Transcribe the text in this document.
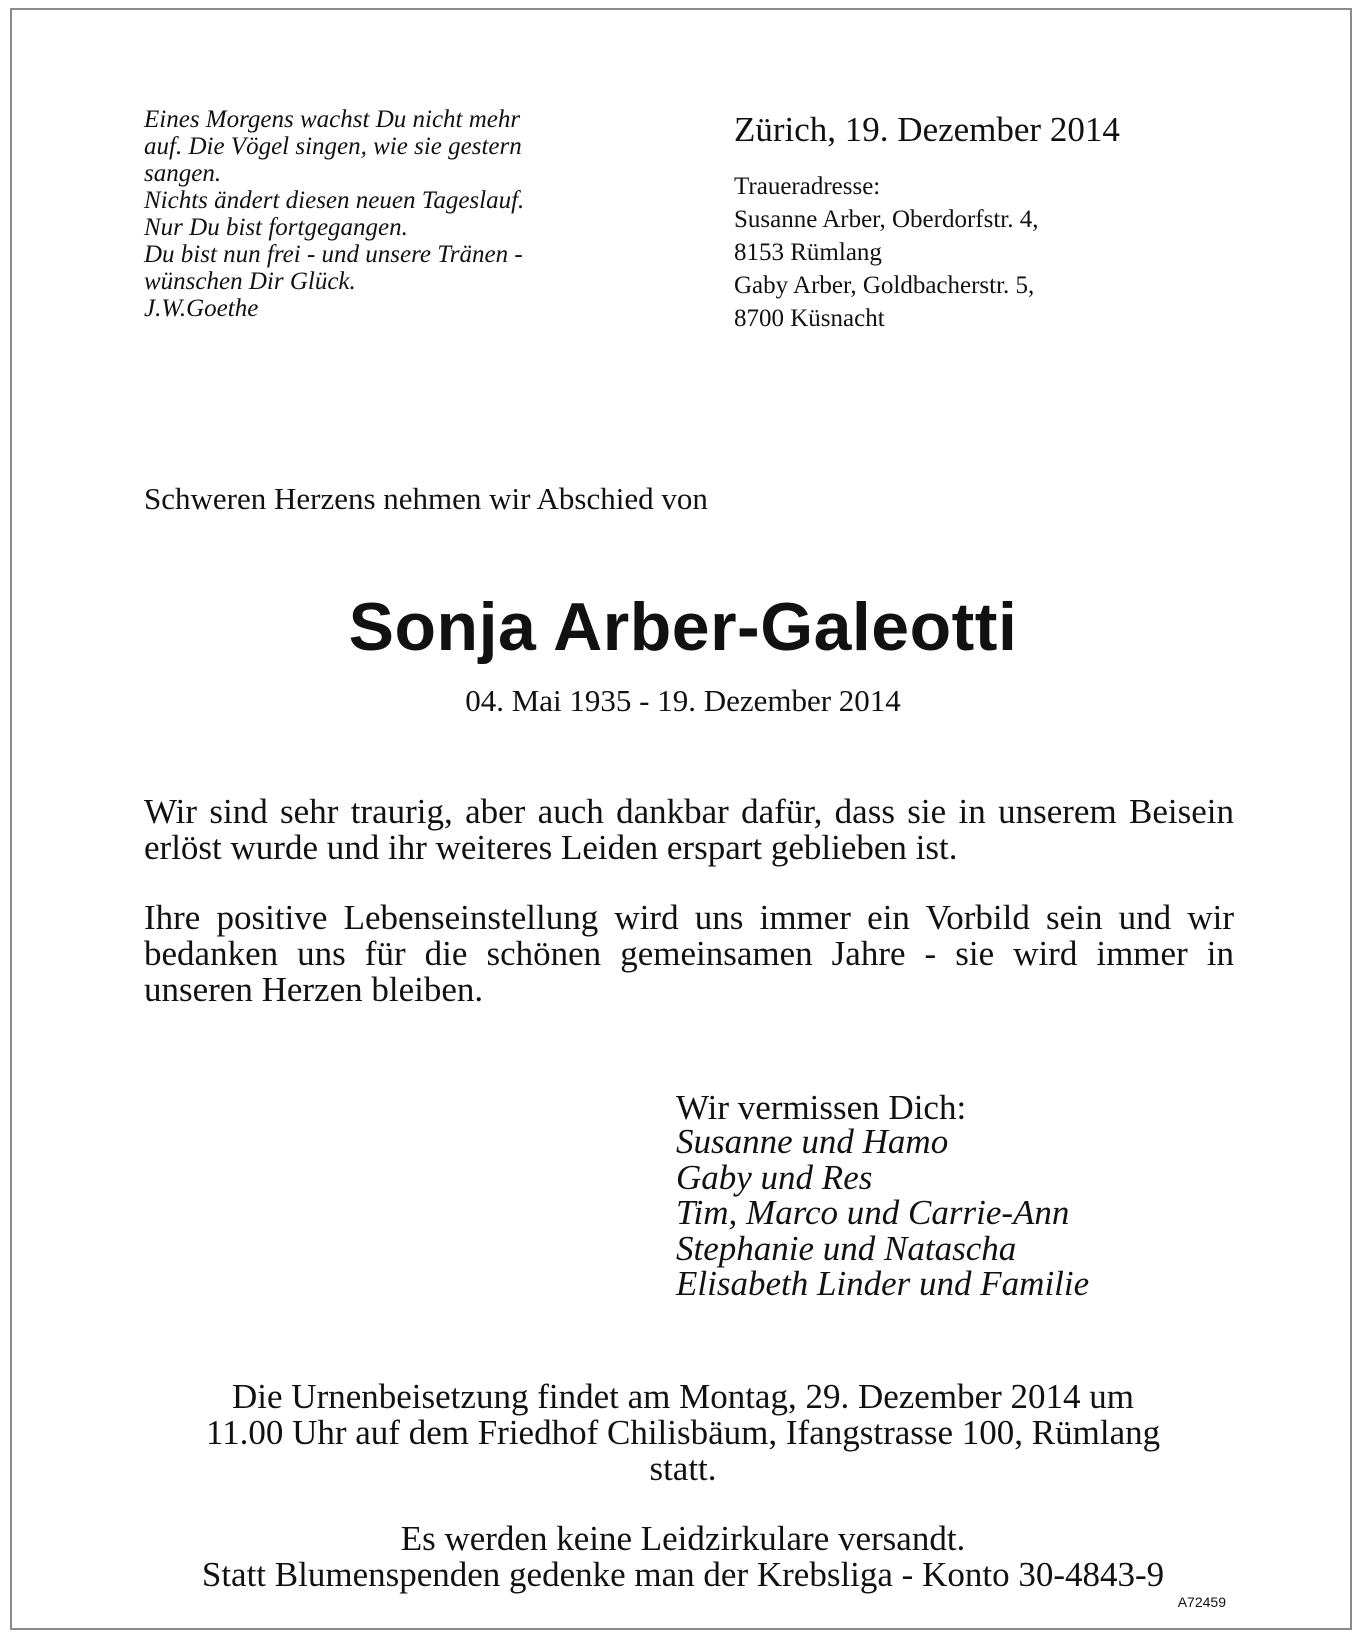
Eines Morgens wachst Du nicht mehr
auf. Die Vögel singen, wie sie gestern
sangen.
Nichts ändert diesen neuen Tageslauf.
Nur Du bist fortgegangen.
Du bist nun frei - und unsere Tränen -
wünschen Dir Glück.
J.W.Goethe
Zürich, 19. Dezember 2014
Traueradresse:
Susanne Arber, Oberdorfstr. 4,
8153 Rümlang
Gaby Arber, Goldbacherstr. 5,
8700 Küsnacht
Schweren Herzens nehmen wir Abschied von
Sonja Arber-Galeotti
04. Mai 1935 - 19. Dezember 2014
Wir sind sehr traurig, aber auch dankbar dafür, dass sie in unserem Beisein erlöst wurde und ihr weiteres Leiden erspart geblieben ist.
Ihre positive Lebenseinstellung wird uns immer ein Vorbild sein und wir bedanken uns für die schönen gemeinsamen Jahre - sie wird immer in unseren Herzen bleiben.
Wir vermissen Dich:
Susanne und Hamo
Gaby und Res
Tim, Marco und Carrie-Ann
Stephanie und Natascha
Elisabeth Linder und Familie
Die Urnenbeisetzung findet am Montag, 29. Dezember 2014 um
11.00 Uhr auf dem Friedhof Chilisbäum, Ifangstrasse 100, Rümlang
statt.
Es werden keine Leidzirkulare versandt.
Statt Blumenspenden gedenke man der Krebsliga - Konto 30-4843-9
A72459
